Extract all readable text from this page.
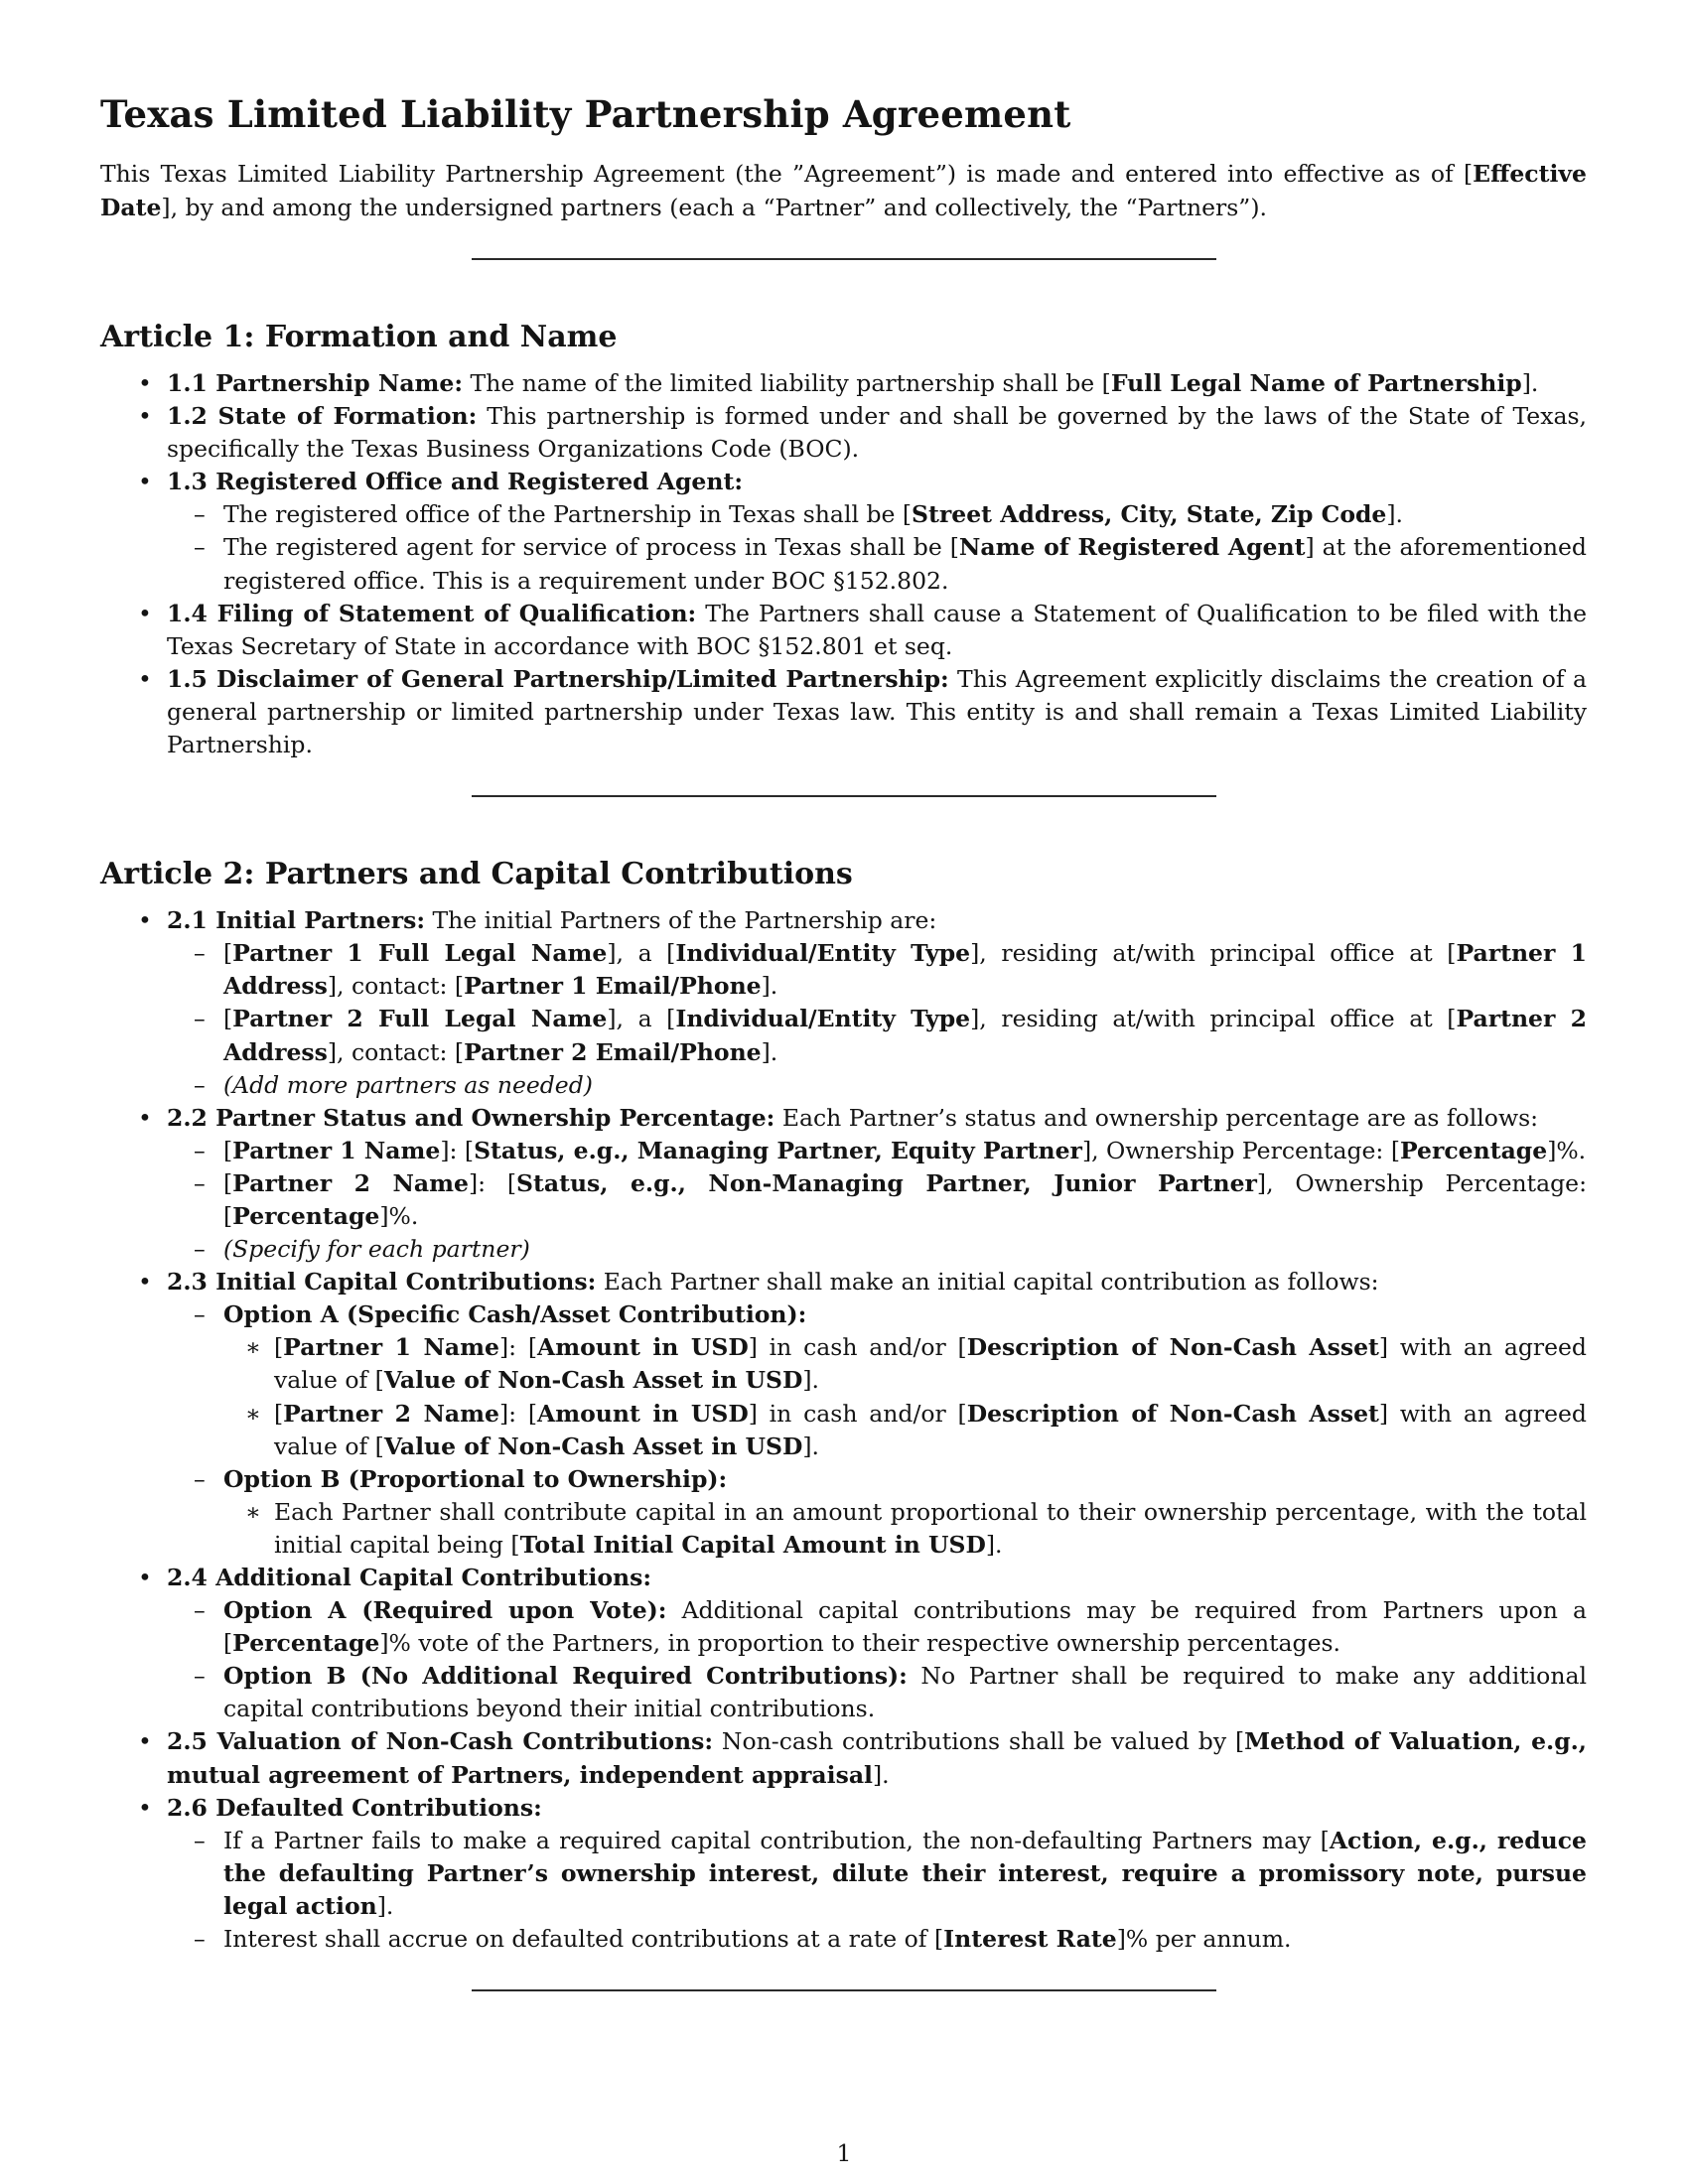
Texas Limited Liability Partnership Agreement

This Texas Limited Liability Partnership Agreement (the ”Agreement”) is made and entered into effective as of [Effective Date], by and among the undersigned partners (each a “Partner” and collectively, the “Partners”).

Article 1: Formation and Name
• 1.1 Partnership Name: The name of the limited liability partnership shall be [Full Legal Name of Partnership].
• 1.2 State of Formation: This partnership is formed under and shall be governed by the laws of the State of Texas, specifically the Texas Business Organizations Code (BOC).
• 1.3 Registered Office and Registered Agent:
– The registered office of the Partnership in Texas shall be [Street Address, City, State, Zip Code].
– The registered agent for service of process in Texas shall be [Name of Registered Agent] at the aforementioned registered office. This is a requirement under BOC §152.802.
• 1.4 Filing of Statement of Qualification: The Partners shall cause a Statement of Qualification to be filed with the Texas Secretary of State in accordance with BOC §152.801 et seq.
• 1.5 Disclaimer of General Partnership/Limited Partnership: This Agreement explicitly disclaims the creation of a general partnership or limited partnership under Texas law. This entity is and shall remain a Texas Limited Liability Partnership.
Article 2: Partners and Capital Contributions
• 2.1 Initial Partners: The initial Partners of the Partnership are:
– [Partner 1 Full Legal Name], a [Individual/Entity Type], residing at/with principal office at [Partner 1 Address], contact: [Partner 1 Email/Phone].
– [Partner 2 Full Legal Name], a [Individual/Entity Type], residing at/with principal office at [Partner 2 Address], contact: [Partner 2 Email/Phone].
– (Add more partners as needed)
• 2.2 Partner Status and Ownership Percentage: Each Partner’s status and ownership percentage are as follows:
– [Partner 1 Name]: [Status, e.g., Managing Partner, Equity Partner], Ownership Percentage: [Percentage]%.
– [Partner 2 Name]: [Status, e.g., Non-Managing Partner, Junior Partner], Ownership Percentage: [Percentage]%.
– (Specify for each partner)
• 2.3 Initial Capital Contributions: Each Partner shall make an initial capital contribution as follows:
– Option A (Specific Cash/Asset Contribution):
∗ [Partner 1 Name]: [Amount in USD] in cash and/or [Description of Non-Cash Asset] with an agreed value of [Value of Non-Cash Asset in USD].
∗ [Partner 2 Name]: [Amount in USD] in cash and/or [Description of Non-Cash Asset] with an agreed value of [Value of Non-Cash Asset in USD].
– Option B (Proportional to Ownership):
∗ Each Partner shall contribute capital in an amount proportional to their ownership percentage, with the total initial capital being [Total Initial Capital Amount in USD].
• 2.4 Additional Capital Contributions:
– Option A (Required upon Vote): Additional capital contributions may be required from Partners upon a [Percentage]% vote of the Partners, in proportion to their respective ownership percentages.
– Option B (No Additional Required Contributions): No Partner shall be required to make any additional capital contributions beyond their initial contributions.
• 2.5 Valuation of Non-Cash Contributions: Non-cash contributions shall be valued by [Method of Valuation, e.g., mutual agreement of Partners, independent appraisal].
• 2.6 Defaulted Contributions:
– If a Partner fails to make a required capital contribution, the non-defaulting Partners may [Action, e.g., reduce the defaulting Partner’s ownership interest, dilute their interest, require a promissory note, pursue legal action].
– Interest shall accrue on defaulted contributions at a rate of [Interest Rate]% per annum.
1
